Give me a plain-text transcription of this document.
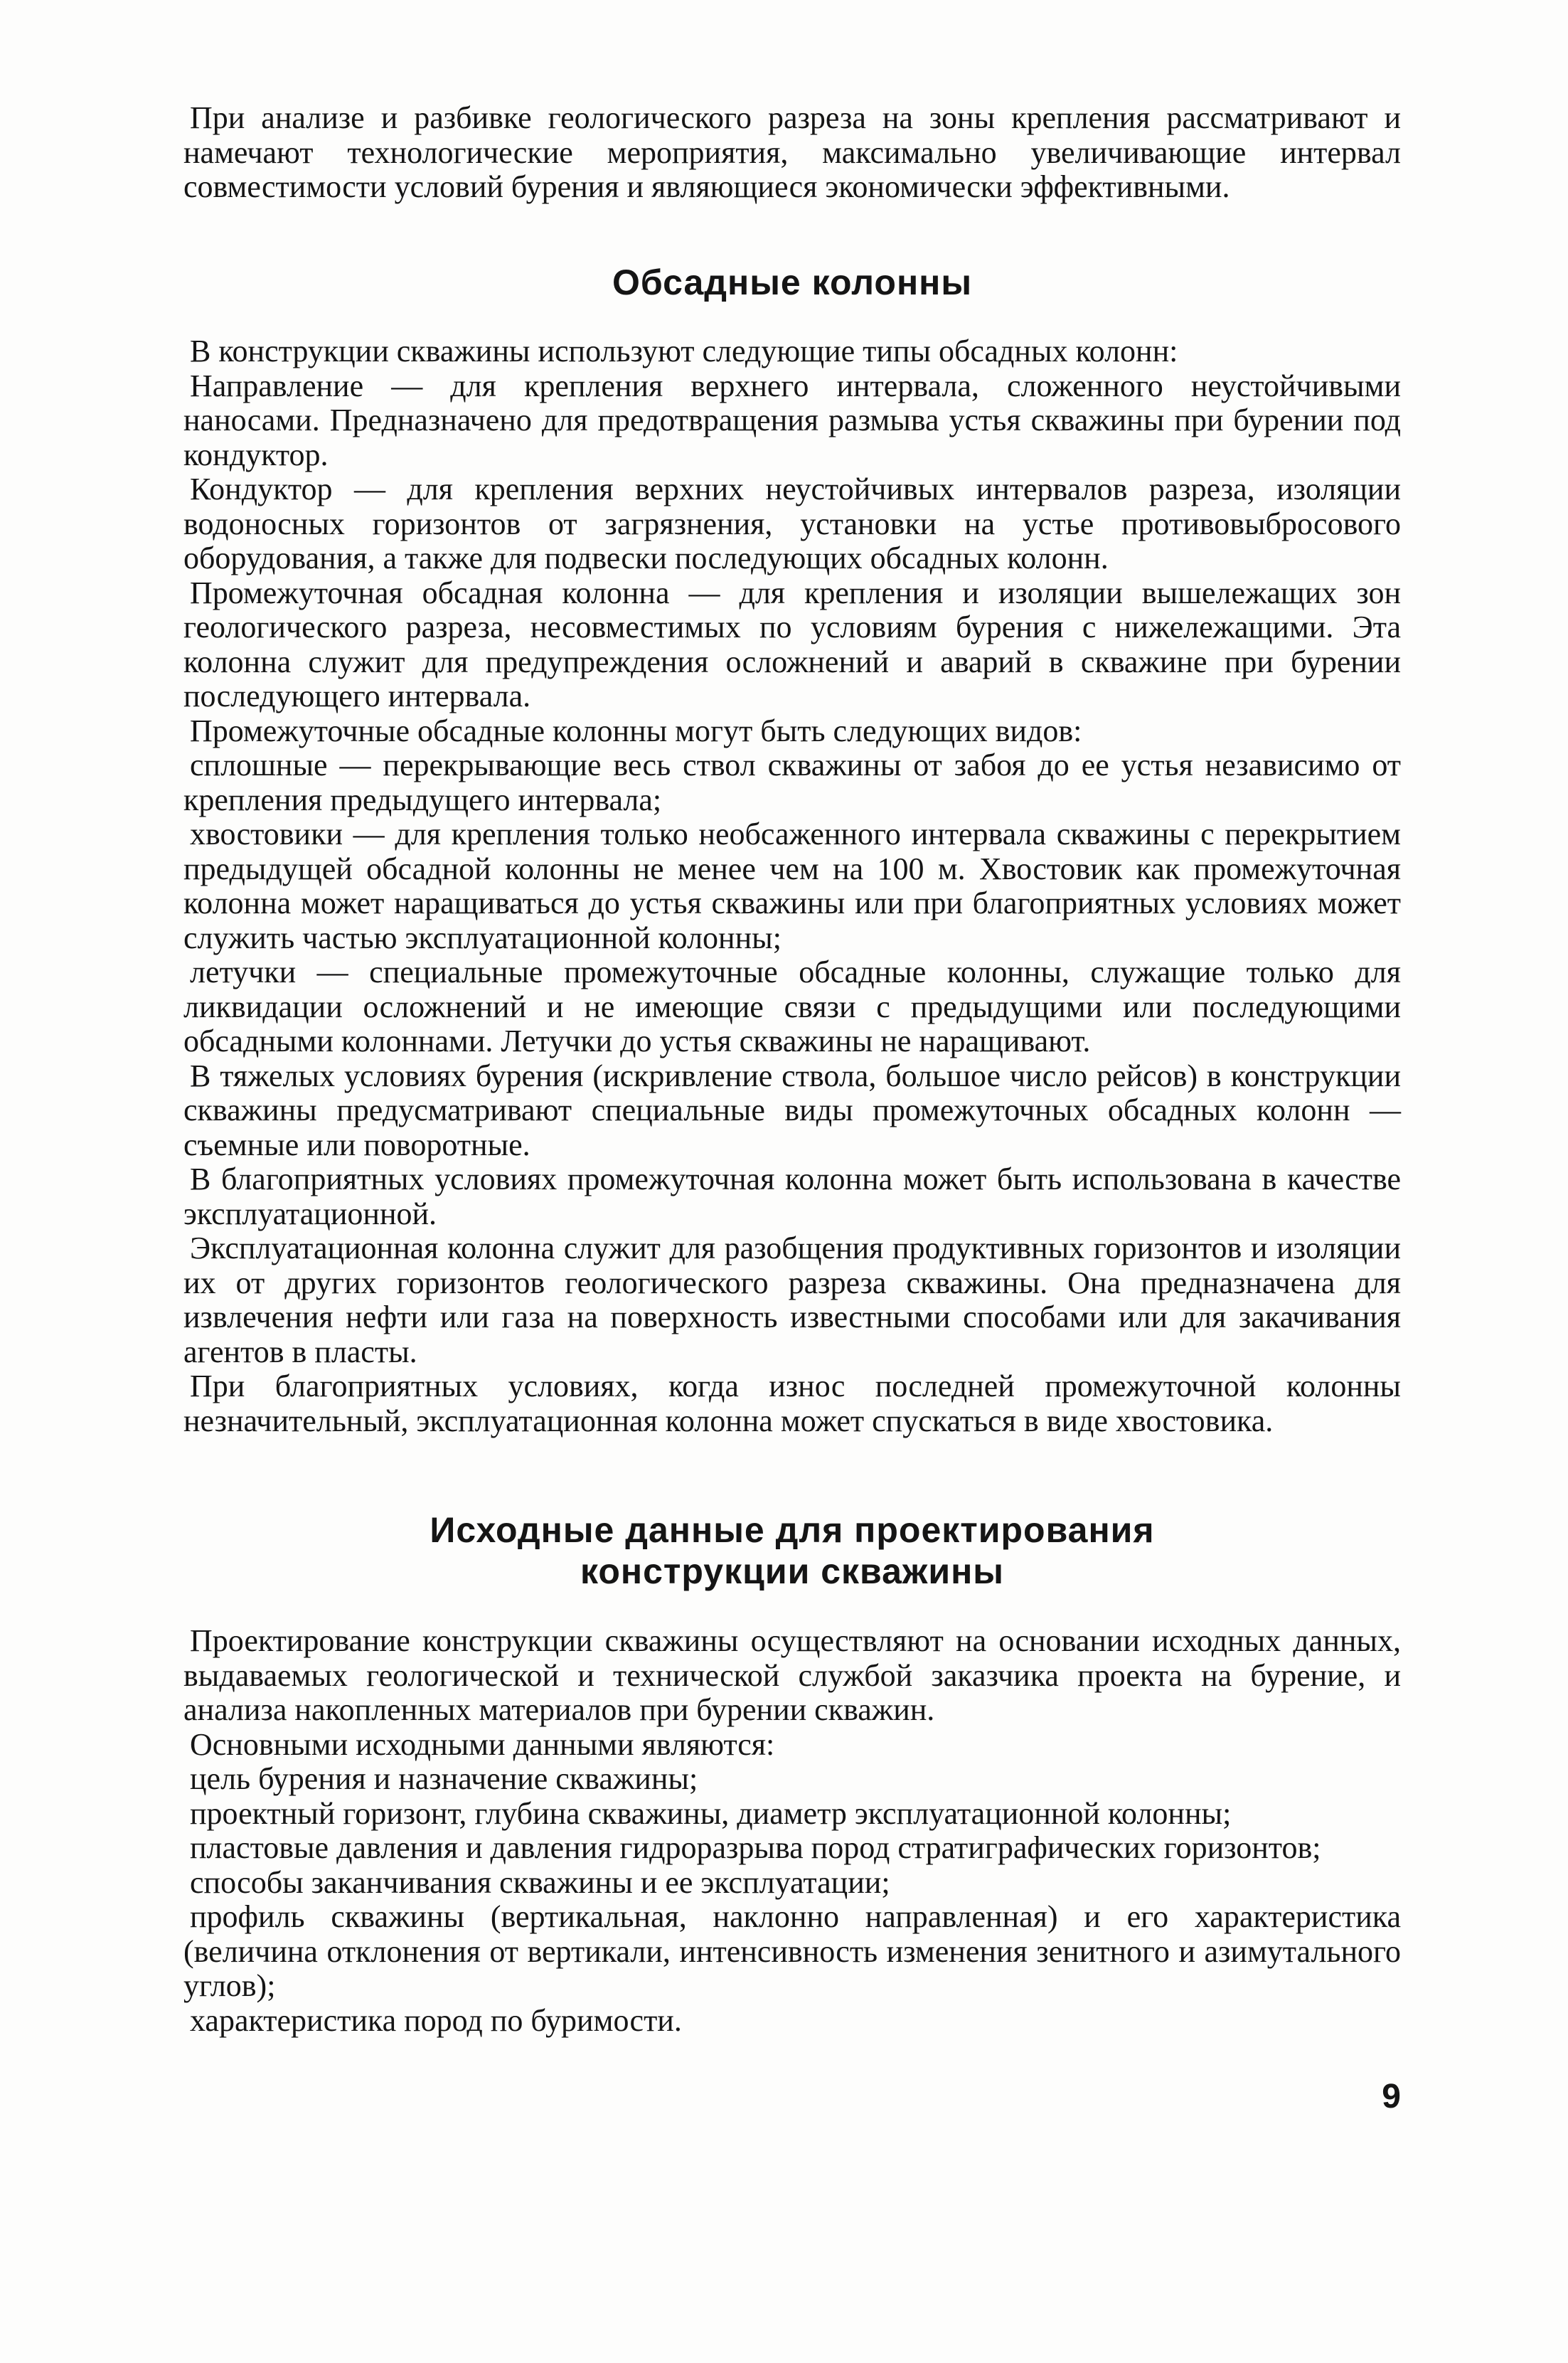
При анализе и разбивке геологического разреза на зоны крепления рассматривают и намечают технологические мероприятия, максимально увеличивающие интервал совместимости условий бурения и являющиеся экономически эффективными.

Обсадные колонны

В конструкции скважины используют следующие типы обсадных колонн:

Направление — для крепления верхнего интервала, сложенного неустойчивыми наносами. Предназначено для предотвращения размыва устья скважины при бурении под кондуктор.

Кондуктор — для крепления верхних неустойчивых интервалов разреза, изоляции водоносных горизонтов от загрязнения, установки на устье противовыбросового оборудования, а также для подвески последующих обсадных колонн.

Промежуточная обсадная колонна — для крепления и изоляции вышележащих зон геологического разреза, несовместимых по условиям бурения с нижележащими. Эта колонна служит для предупреждения осложнений и аварий в скважине при бурении последующего интервала.

Промежуточные обсадные колонны могут быть следующих видов:

сплошные — перекрывающие весь ствол скважины от забоя до ее устья независимо от крепления предыдущего интервала;

хвостовики — для крепления только необсаженного интервала скважины с перекрытием предыдущей обсадной колонны не менее чем на 100 м. Хвостовик как промежуточная колонна может наращиваться до устья скважины или при благоприятных условиях может служить частью эксплуатационной колонны;

летучки — специальные промежуточные обсадные колонны, служащие только для ликвидации осложнений и не имеющие связи с предыдущими или последующими обсадными колоннами. Летучки до устья скважины не наращивают.

В тяжелых условиях бурения (искривление ствола, большое число рейсов) в конструкции скважины предусматривают специальные виды промежуточных обсадных колонн — съемные или поворотные.

В благоприятных условиях промежуточная колонна может быть использована в качестве эксплуатационной.

Эксплуатационная колонна служит для разобщения продуктивных горизонтов и изоляции их от других горизонтов геологического разреза скважины. Она предназначена для извлечения нефти или газа на поверхность известными способами или для закачивания агентов в пласты.

При благоприятных условиях, когда износ последней промежуточной колонны незначительный, эксплуатационная колонна может спускаться в виде хвостовика.

Исходные данные для проектирования
конструкции скважины

Проектирование конструкции скважины осуществляют на основании исходных данных, выдаваемых геологической и технической службой заказчика проекта на бурение, и анализа накопленных материалов при бурении скважин.

Основными исходными данными являются:

цель бурения и назначение скважины;

проектный горизонт, глубина скважины, диаметр эксплуатационной колонны;

пластовые давления и давления гидроразрыва пород стратиграфических горизонтов;

способы заканчивания скважины и ее эксплуатации;

профиль скважины (вертикальная, наклонно направленная) и его характеристика (величина отклонения от вертикали, интенсивность изменения зенитного и азимутального углов);

характеристика пород по буримости.

9
